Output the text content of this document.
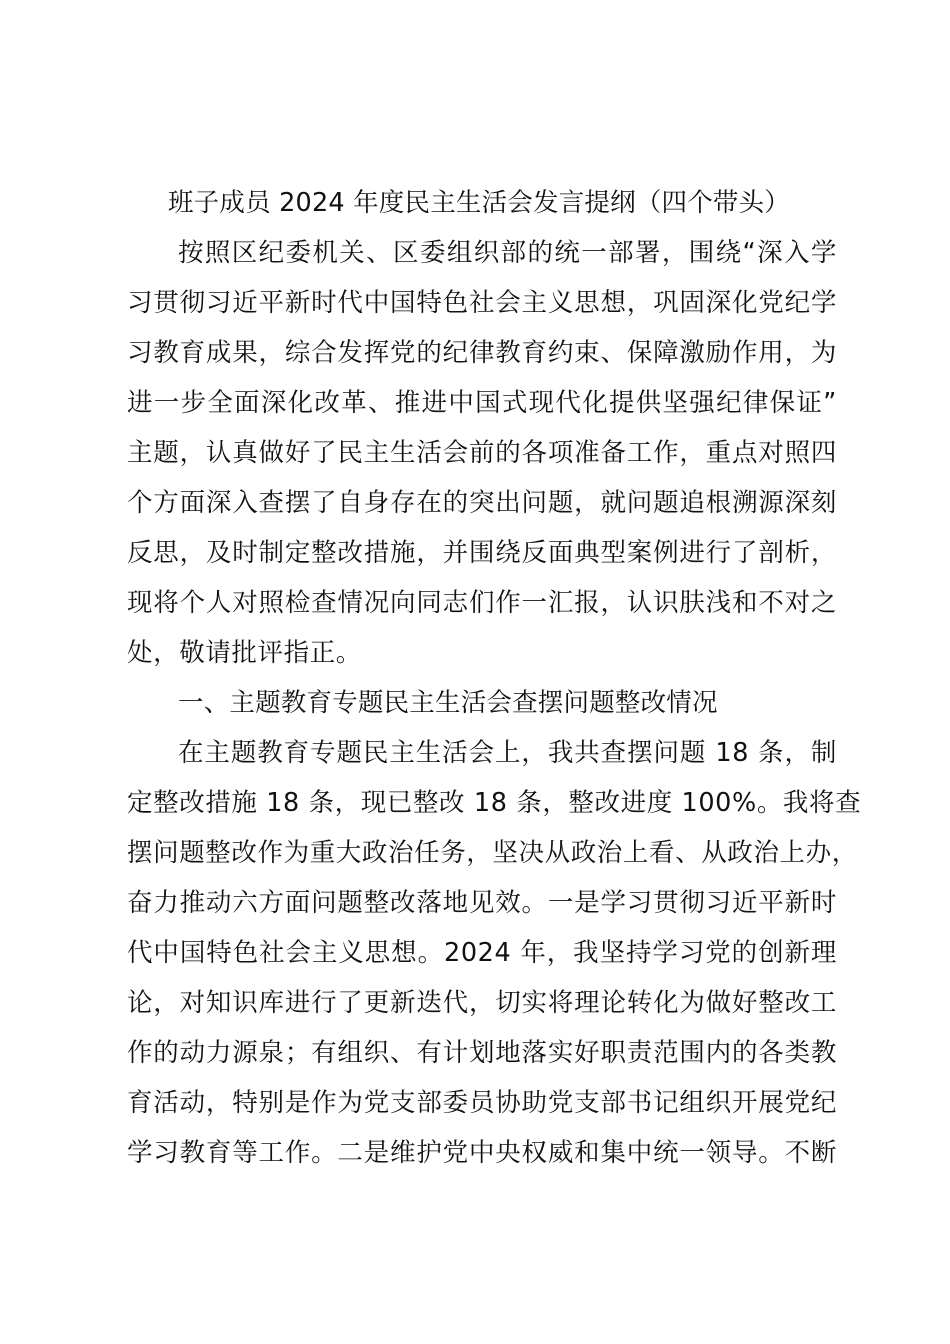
班子成员 2024 年度民主生活会发言提纲（四个带头）
按照区纪委机关、区委组织部的统一部署，围绕“深入学
习贯彻习近平新时代中国特色社会主义思想，巩固深化党纪学
习教育成果，综合发挥党的纪律教育约束、保障激励作用，为
进一步全面深化改革、推进中国式现代化提供坚强纪律保证”
主题，认真做好了民主生活会前的各项准备工作，重点对照四
个方面深入查摆了自身存在的突出问题，就问题追根溯源深刻
反思，及时制定整改措施，并围绕反面典型案例进行了剖析，
现将个人对照检查情况向同志们作一汇报，认识肤浅和不对之
处，敬请批评指正。
一、主题教育专题民主生活会查摆问题整改情况
在主题教育专题民主生活会上，我共查摆问题 18 条，制
定整改措施 18 条，现已整改 18 条，整改进度 100%。我将查
摆问题整改作为重大政治任务，坚决从政治上看、从政治上办，
奋力推动六方面问题整改落地见效。一是学习贯彻习近平新时
代中国特色社会主义思想。2024 年，我坚持学习党的创新理
论，对知识库进行了更新迭代，切实将理论转化为做好整改工
作的动力源泉；有组织、有计划地落实好职责范围内的各类教
育活动，特别是作为党支部委员协助党支部书记组织开展党纪
学习教育等工作。二是维护党中央权威和集中统一领导。不断
